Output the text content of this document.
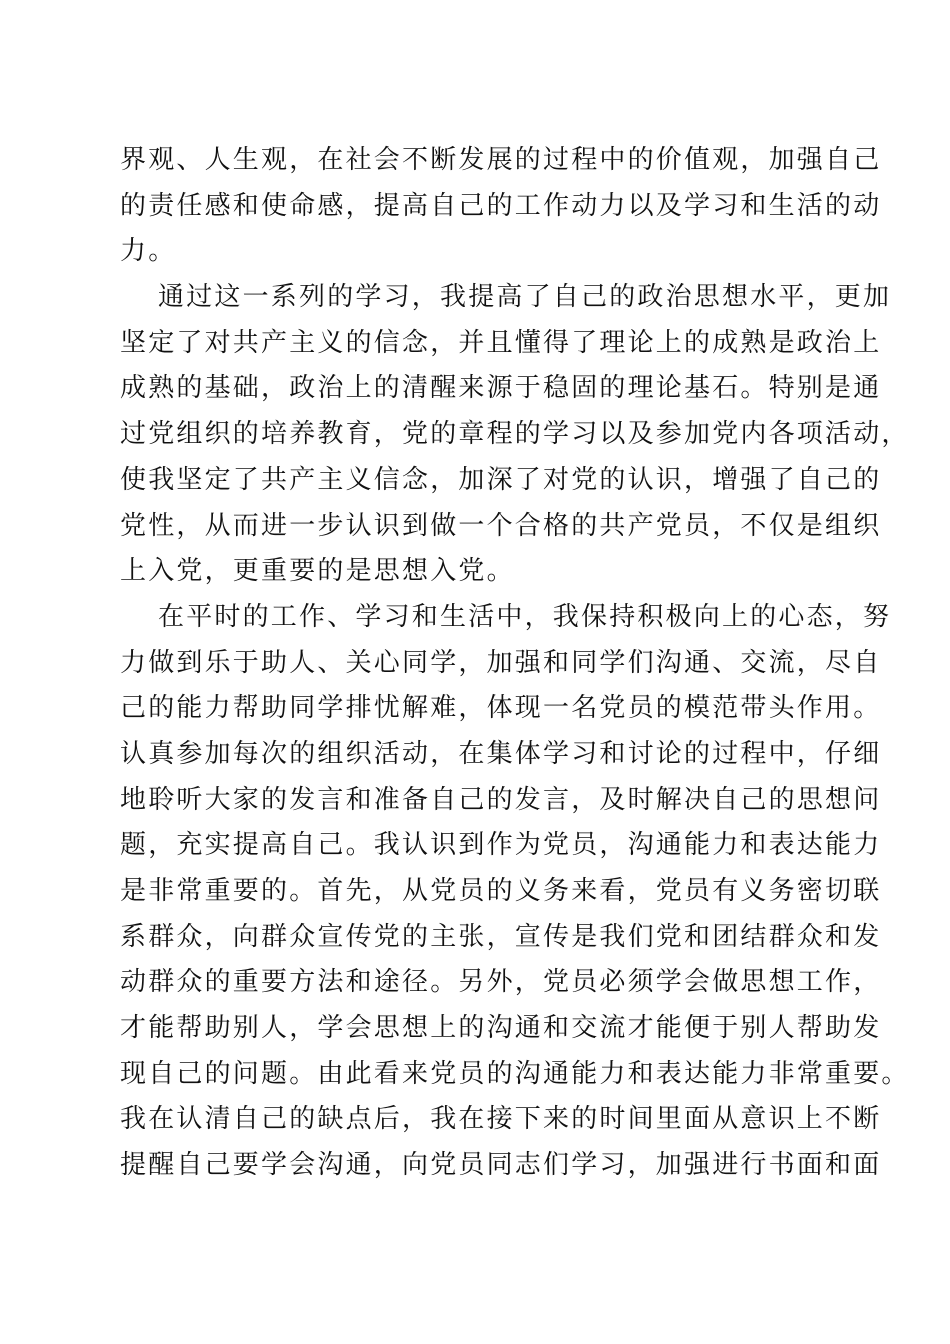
界观、人生观，在社会不断发展的过程中的价值观，加强自己
的责任感和使命感，提高自己的工作动力以及学习和生活的动
力。
通过这一系列的学习，我提高了自己的政治思想水平，更加
坚定了对共产主义的信念，并且懂得了理论上的成熟是政治上
成熟的基础，政治上的清醒来源于稳固的理论基石。特别是通
过党组织的培养教育，党的章程的学习以及参加党内各项活动，
使我坚定了共产主义信念，加深了对党的认识，增强了自己的
党性，从而进一步认识到做一个合格的共产党员，不仅是组织
上入党，更重要的是思想入党。
在平时的工作、学习和生活中，我保持积极向上的心态，努
力做到乐于助人、关心同学，加强和同学们沟通、交流，尽自
己的能力帮助同学排忧解难，体现一名党员的模范带头作用。
认真参加每次的组织活动，在集体学习和讨论的过程中，仔细
地聆听大家的发言和准备自己的发言，及时解决自己的思想问
题，充实提高自己。我认识到作为党员，沟通能力和表达能力
是非常重要的。首先，从党员的义务来看，党员有义务密切联
系群众，向群众宣传党的主张，宣传是我们党和团结群众和发
动群众的重要方法和途径。另外，党员必须学会做思想工作，
才能帮助别人，学会思想上的沟通和交流才能便于别人帮助发
现自己的问题。由此看来党员的沟通能力和表达能力非常重要。
我在认清自己的缺点后，我在接下来的时间里面从意识上不断
提醒自己要学会沟通，向党员同志们学习，加强进行书面和面
